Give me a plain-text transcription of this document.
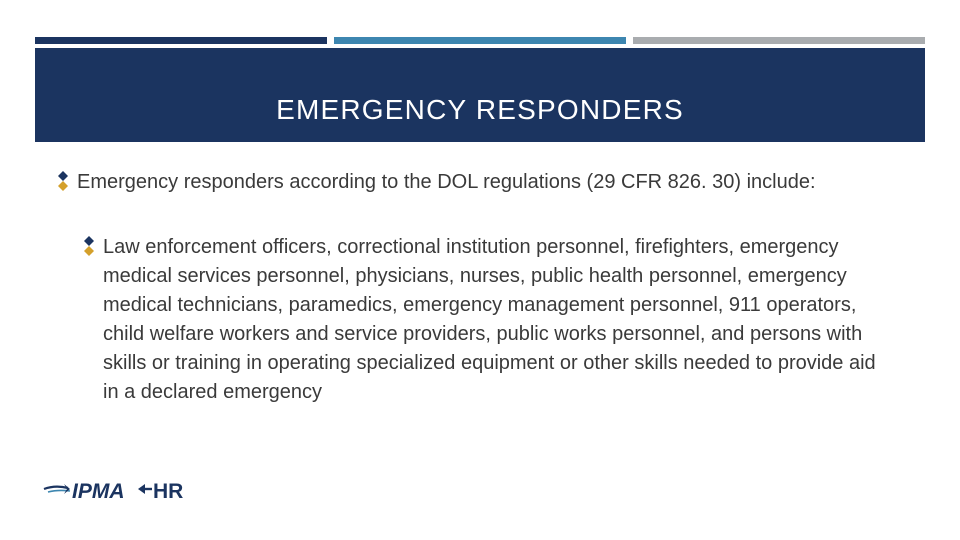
EMERGENCY RESPONDERS
Emergency responders according to the DOL regulations (29 CFR 826. 30) include:
Law enforcement officers, correctional institution personnel, firefighters, emergency medical services personnel, physicians, nurses, public health personnel, emergency medical technicians, paramedics, emergency management personnel, 911 operators, child welfare workers and service providers, public works personnel, and persons with skills or training in operating specialized equipment or other skills needed to provide aid in a declared emergency
IPMA HR
